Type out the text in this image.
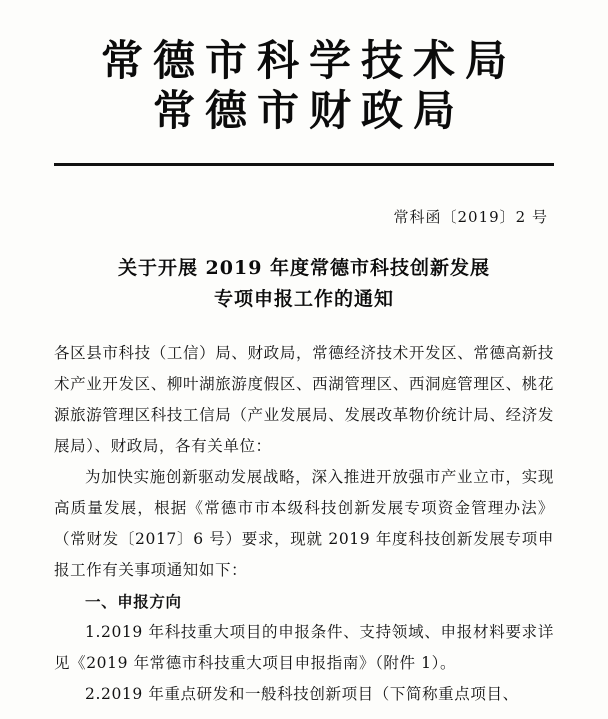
常德市科学技术局
常德市财政局
常科函〔2019〕2 号
关于开展 2019 年度常德市科技创新发展
专项申报工作的通知

各区县市科技（工信）局、财政局，常德经济技术开发区、常德高新技术产业开发区、柳叶湖旅游度假区、西湖管理区、西洞庭管理区、桃花源旅游管理区科技工信局（产业发展局、发展改革物价统计局、经济发展局）、财政局，各有关单位：

为加快实施创新驱动发展战略，深入推进开放强市产业立市，实现高质量发展，根据《常德市市本级科技创新发展专项资金管理办法》（常财发〔2017〕6 号）要求，现就 2019 年度科技创新发展专项申报工作有关事项通知如下：

一、申报方向

1.2019 年科技重大项目的申报条件、支持领域、申报材料要求详见《2019 年常德市科技重大项目申报指南》（附件 1）。

2.2019 年重点研发和一般科技创新项目（下简称重点项目、
